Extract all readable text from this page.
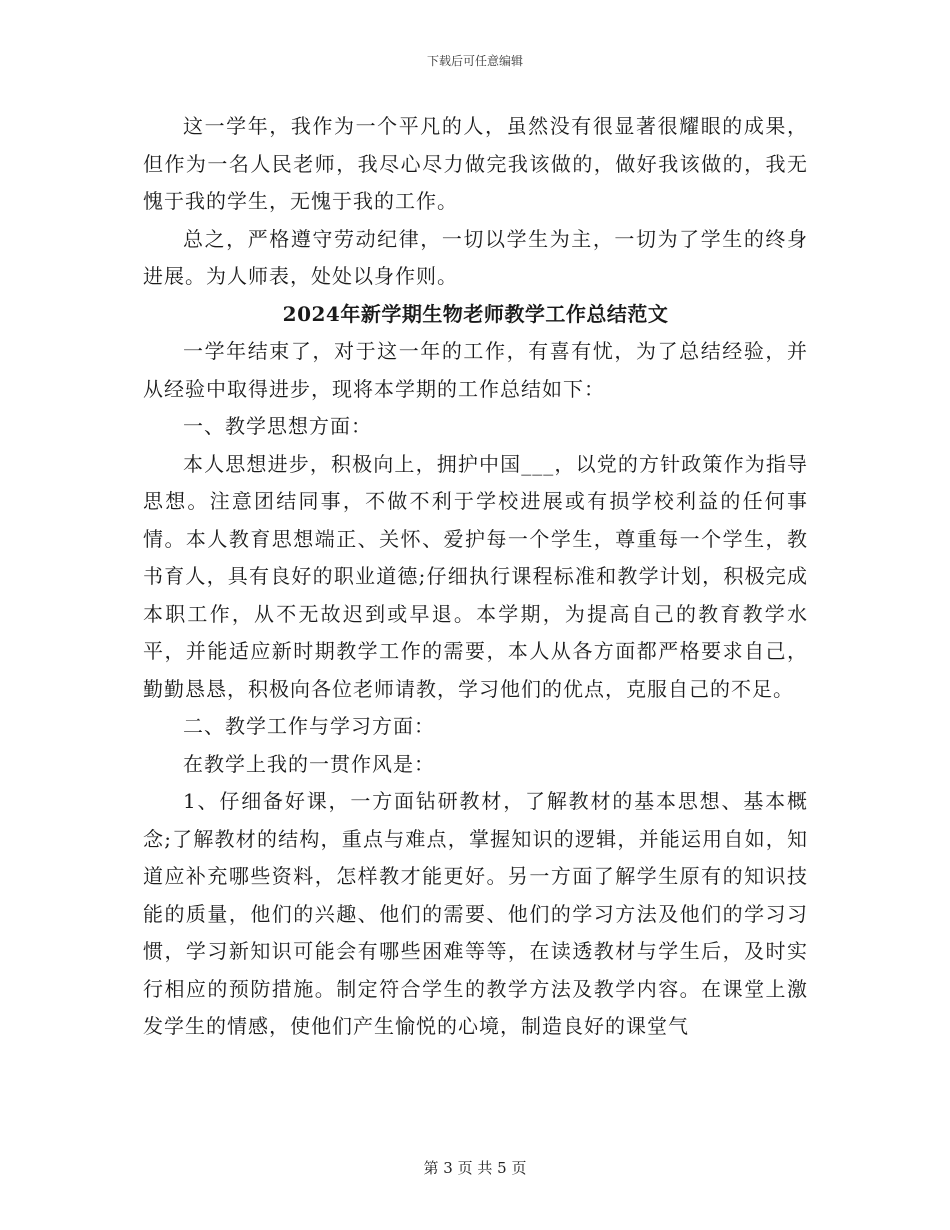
下载后可任意编辑

这一学年，我作为一个平凡的人，虽然没有很显著很耀眼的成果，但作为一名人民老师，我尽心尽力做完我该做的，做好我该做的，我无愧于我的学生，无愧于我的工作。

总之，严格遵守劳动纪律，一切以学生为主，一切为了学生的终身进展。为人师表，处处以身作则。

2024年新学期生物老师教学工作总结范文

一学年结束了，对于这一年的工作，有喜有忧，为了总结经验，并从经验中取得进步，现将本学期的工作总结如下：

一、教学思想方面：

本人思想进步，积极向上，拥护中国___，以党的方针政策作为指导思想。注意团结同事，不做不利于学校进展或有损学校利益的任何事情。本人教育思想端正、关怀、爱护每一个学生，尊重每一个学生，教书育人，具有良好的职业道德;仔细执行课程标准和教学计划，积极完成本职工作，从不无故迟到或早退。本学期，为提高自己的教育教学水平，并能适应新时期教学工作的需要，本人从各方面都严格要求自己，勤勤恳恳，积极向各位老师请教，学习他们的优点，克服自己的不足。

二、教学工作与学习方面：

在教学上我的一贯作风是：

1、仔细备好课，一方面钻研教材，了解教材的基本思想、基本概念;了解教材的结构，重点与难点，掌握知识的逻辑，并能运用自如，知道应补充哪些资料，怎样教才能更好。另一方面了解学生原有的知识技能的质量，他们的兴趣、他们的需要、他们的学习方法及他们的学习习惯，学习新知识可能会有哪些困难等等，在读透教材与学生后，及时实行相应的预防措施。制定符合学生的教学方法及教学内容。在课堂上激发学生的情感，使他们产生愉悦的心境，制造良好的课堂气

第 3 页 共 5 页
